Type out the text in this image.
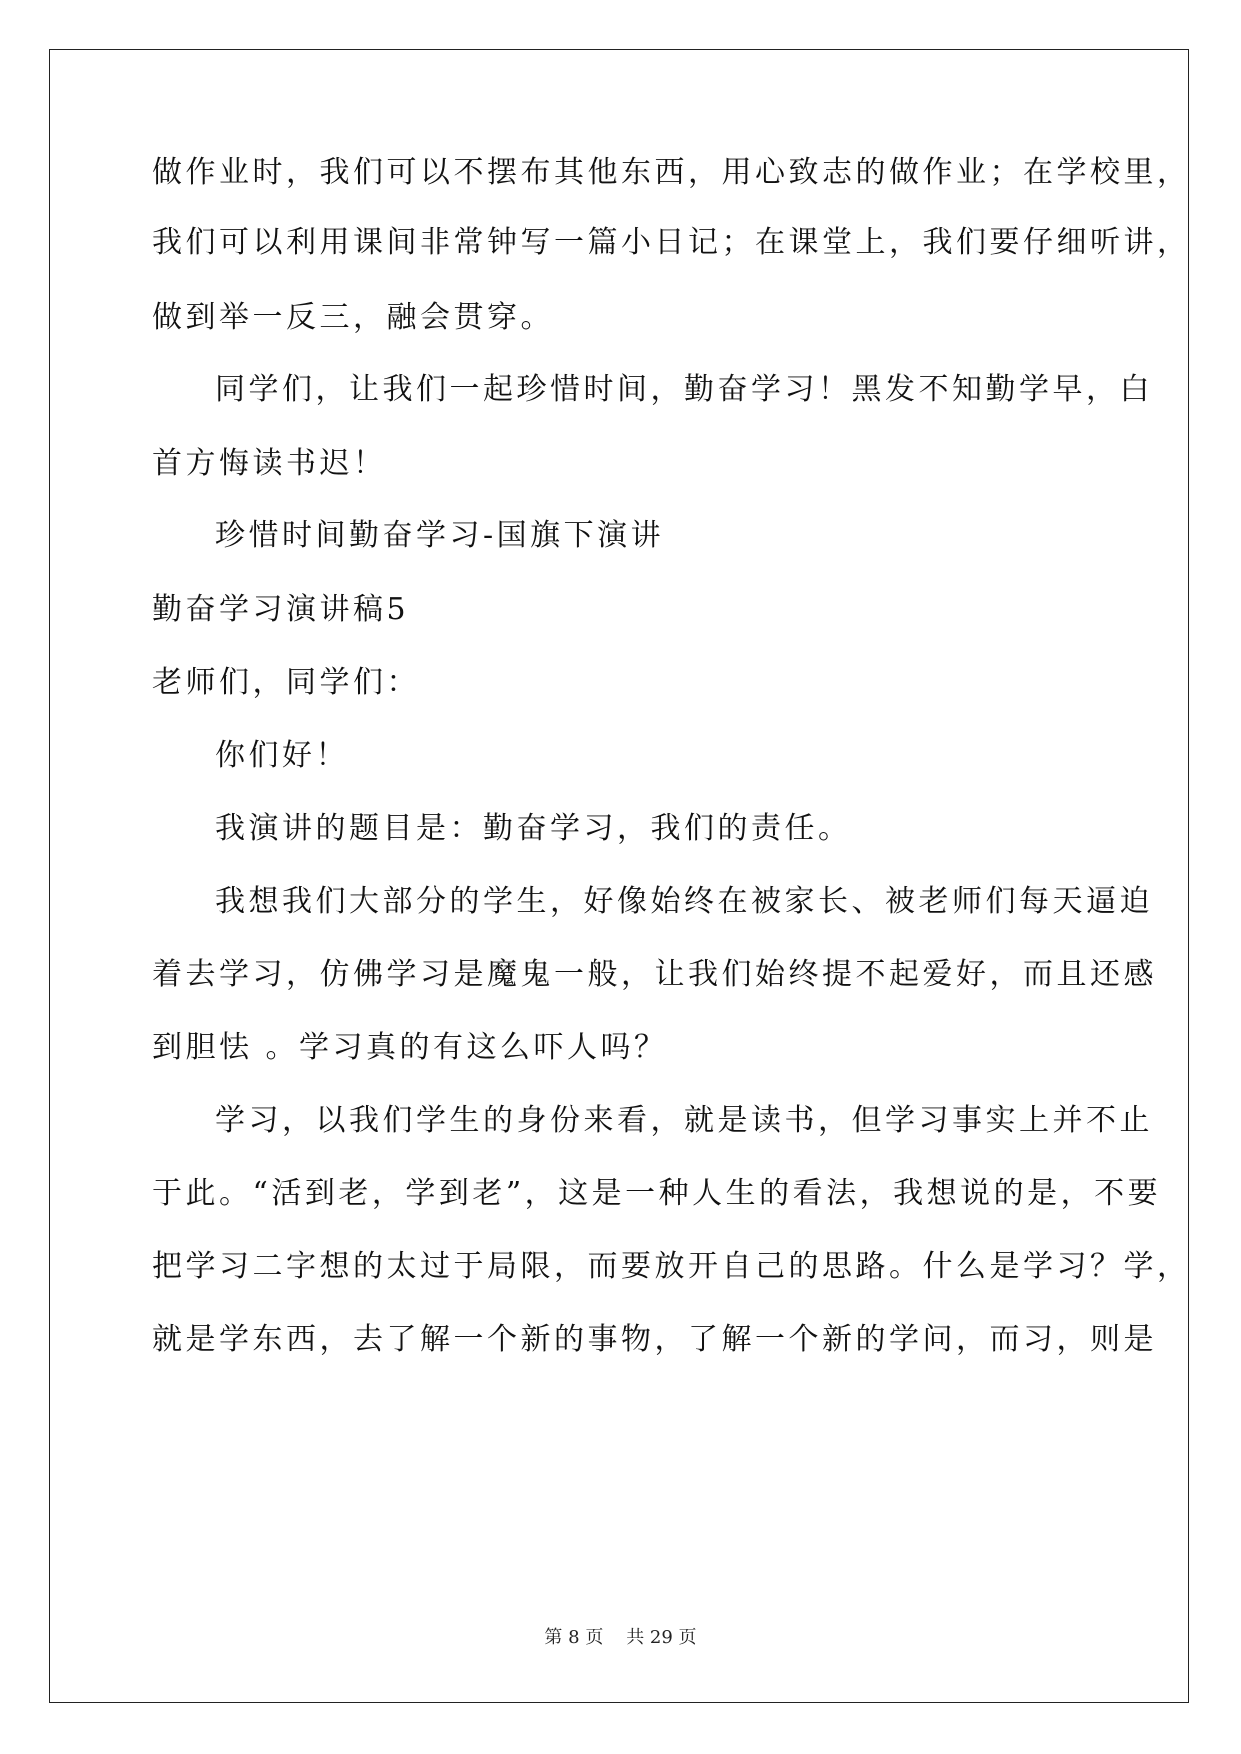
做作业时，我们可以不摆布其他东西，用心致志的做作业；在学校里，
我们可以利用课间非常钟写一篇小日记；在课堂上，我们要仔细听讲，
做到举一反三，融会贯穿。
同学们，让我们一起珍惜时间，勤奋学习！黑发不知勤学早，白
首方悔读书迟！
珍惜时间勤奋学习-国旗下演讲
勤奋学习演讲稿5
老师们，同学们：
你们好！
我演讲的题目是：勤奋学习，我们的责任。
我想我们大部分的学生，好像始终在被家长、被老师们每天逼迫
着去学习，仿佛学习是魔鬼一般，让我们始终提不起爱好，而且还感
到胆怯 。学习真的有这么吓人吗？
学习，以我们学生的身份来看，就是读书，但学习事实上并不止
于此。“活到老，学到老”，这是一种人生的看法，我想说的是，不要
把学习二字想的太过于局限，而要放开自己的思路。什么是学习？学，
就是学东西，去了解一个新的事物，了解一个新的学问，而习，则是
第 8 页    共 29 页
